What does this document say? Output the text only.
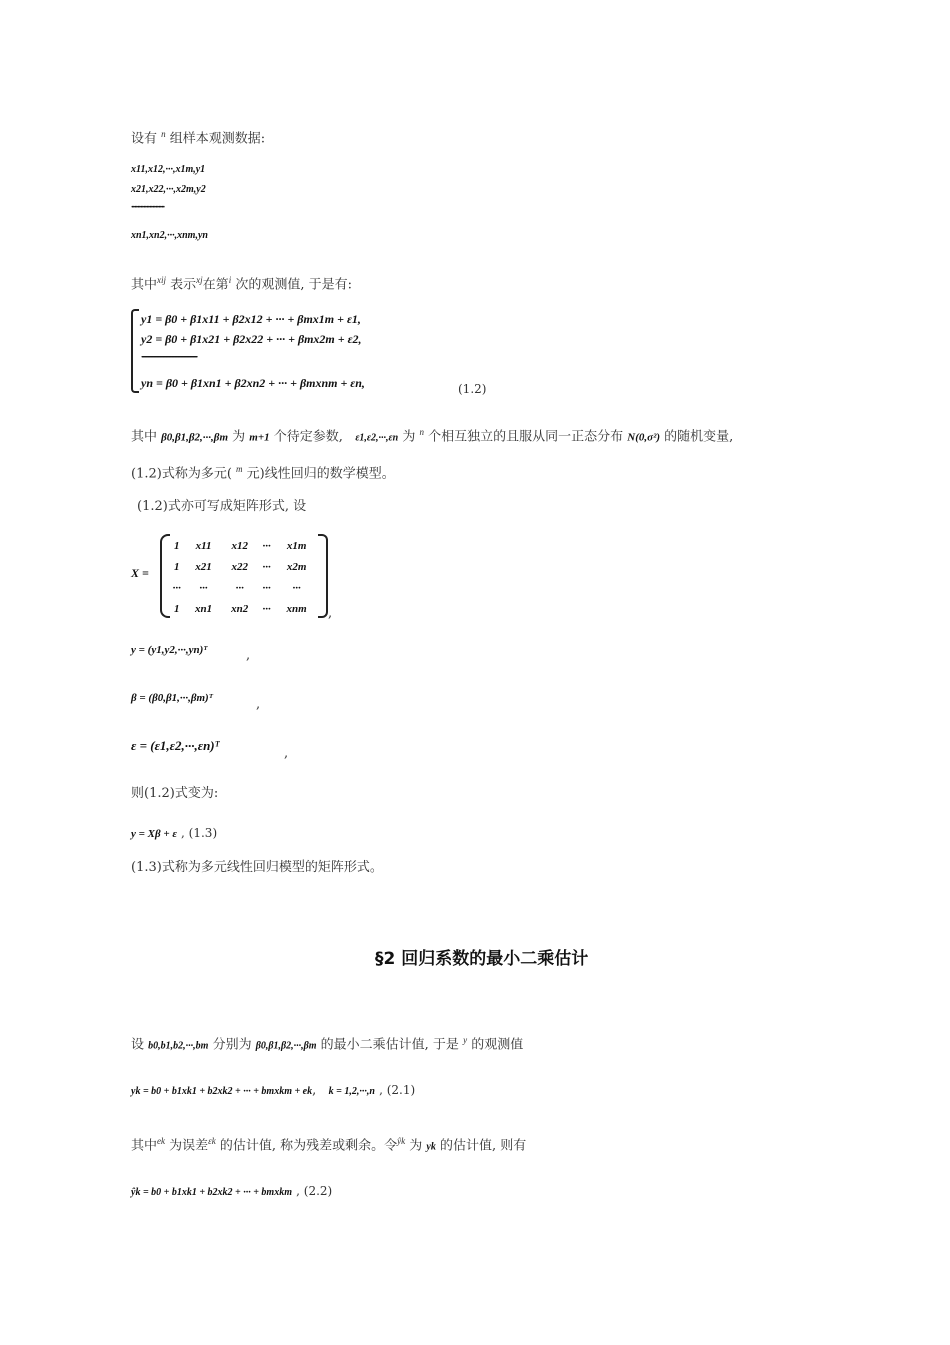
设有 $^n$ 组样本观测数据:
x11,x12,···,x1m,y1
x21,x22,···,x2m,y2
······················
xn1,xn2,···,xnm,yn
其中$^{xij}$ 表示$^{xj}$在第$^i$ 次的观测值, 于是有:
y1 = β0 + β1x11 + β2x12 + ··· + βmx1m + ε1,
y2 = β0 + β1x21 + β2x22 + ··· + βmx2m + ε2,
··········································································
yn = β0 + β1xn1 + β2xn2 + ··· + βmxnm + εn,	(1.2)
其中 β0,β1,β2,···,βm 为 m+1 个待定参数, ε1,ε2,···,εn 为 $^n$ 个相互独立的且服从同一正态分布 N(0,σ²) 的随机变量,
(1.2)式称为多元( $^m$ 元)线性回归的数学模型。
(1.2)式亦可写成矩阵形式, 设
X =
1	x11	x12	···	x1m
1	x21	x22	···	x2m
···	···	···	···	···
1	xn1	xn2	···	xnm ,
y = (y1,y2,···,yn)ᵀ	,
β = (β0,β1,···,βm)ᵀ	,
ε = (ε1,ε2,···,εn)ᵀ
,
则(1.2)式变为:
y = Xβ + ε , (1.3)
(1.3)式称为多元线性回归模型的矩阵形式。
§2 回归系数的最小二乘估计
设 b0,b1,b2,···,bm 分别为 β0,β1,β2,···,βm 的最小二乘估计值, 于是 $^y$ 的观测值
yk = b0 + b1xk1 + b2xk2 + ··· + bmxkm + ek,   k = 1,2,···,n , (2.1)
其中$^{ek}$ 为误差$^{\varepsilon k}$ 的估计值, 称为残差或剩余。令$^{ŷk}$ 为 yk 的估计值, 则有
ŷk = b0 + b1xk1 + b2xk2 + ··· + bmxkm , (2.2)
